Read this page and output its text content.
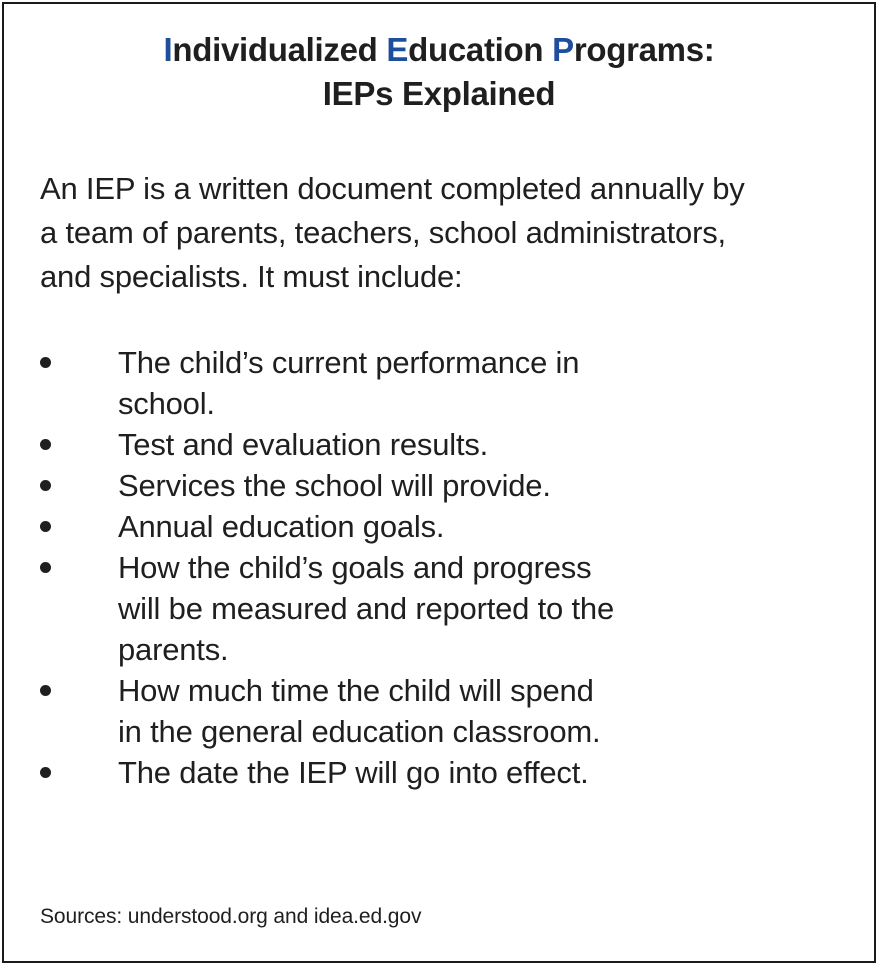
Individualized Education Programs:
IEPs Explained
An IEP is a written document completed annually by
a team of parents, teachers, school administrators,
and specialists. It must include:
The child’s current performance in
school.
Test and evaluation results.
Services the school will provide.
Annual education goals.
How the child’s goals and progress
will be measured and reported to the
parents.
How much time the child will spend
in the general education classroom.
The date the IEP will go into effect.
Sources: understood.org and idea.ed.gov
